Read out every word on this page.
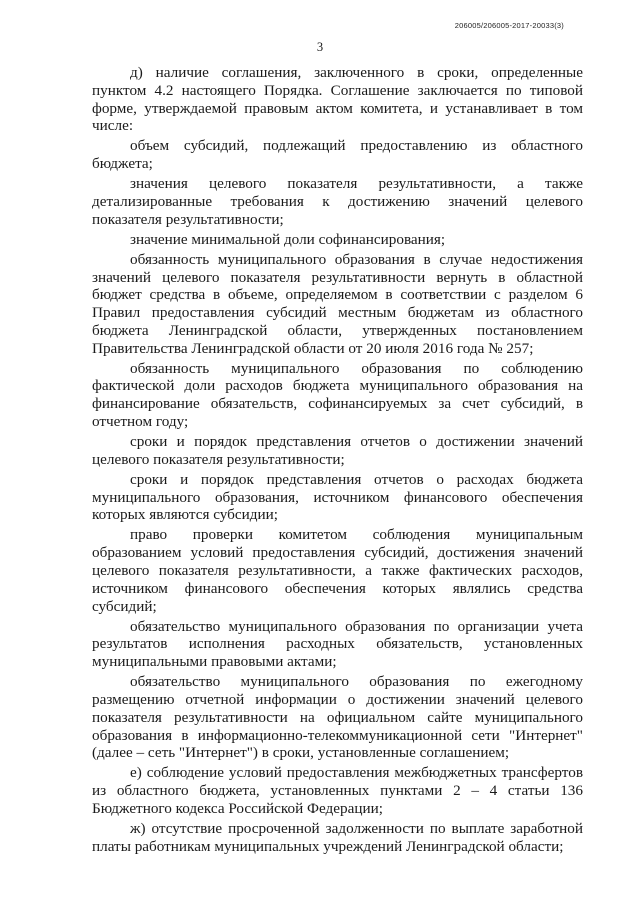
206005/206005-2017-20033(3)
3

д) наличие соглашения, заключенного в сроки, определенные пунктом 4.2 настоящего Порядка. Соглашение заключается по типовой форме, утверждаемой правовым актом комитета, и устанавливает в том числе:

объем субсидий, подлежащий предоставлению из областного бюджета;

значения целевого показателя результативности, а также детализированные требования к достижению значений целевого показателя результативности;

значение минимальной доли софинансирования;

обязанность муниципального образования в случае недостижения значений целевого показателя результативности вернуть в областной бюджет средства в объеме, определяемом в соответствии с разделом 6 Правил предоставления субсидий местным бюджетам из областного бюджета Ленинградской области, утвержденных постановлением Правительства Ленинградской области от 20 июля 2016 года № 257;

обязанность муниципального образования по соблюдению фактической доли расходов бюджета муниципального образования на финансирование обязательств, софинансируемых за счет субсидий, в отчетном году;

сроки и порядок представления отчетов о достижении значений целевого показателя результативности;

сроки и порядок представления отчетов о расходах бюджета муниципального образования, источником финансового обеспечения которых являются субсидии;

право проверки комитетом соблюдения муниципальным образованием условий предоставления субсидий, достижения значений целевого показателя результативности, а также фактических расходов, источником финансового обеспечения которых являлись средства субсидий;

обязательство муниципального образования по организации учета результатов исполнения расходных обязательств, установленных муниципальными правовыми актами;

обязательство муниципального образования по ежегодному размещению отчетной информации о достижении значений целевого показателя результативности на официальном сайте муниципального образования в информационно-телекоммуникационной сети "Интернет" (далее – сеть "Интернет") в сроки, установленные соглашением;

е) соблюдение условий предоставления межбюджетных трансфертов из областного бюджета, установленных пунктами 2 – 4 статьи 136 Бюджетного кодекса Российской Федерации;

ж) отсутствие просроченной задолженности по выплате заработной платы работникам муниципальных учреждений Ленинградской области;
